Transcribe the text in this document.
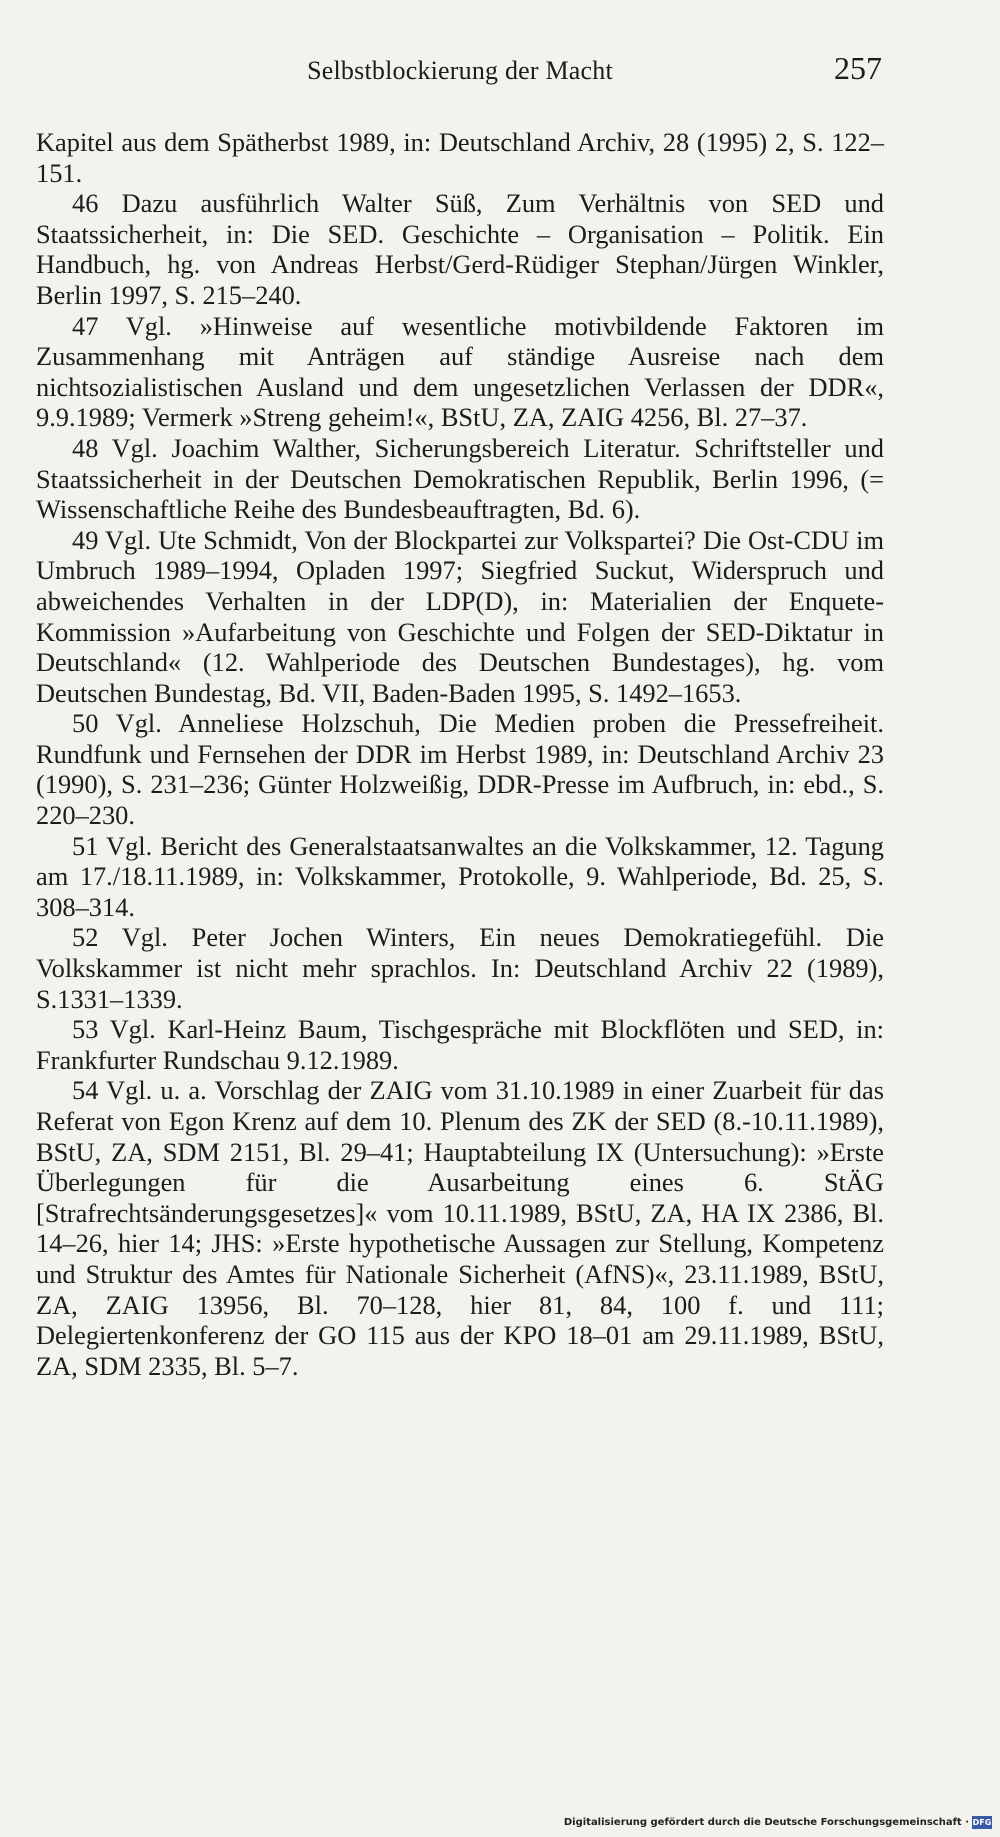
Selbstblockierung der Macht	257

Kapitel aus dem Spätherbst 1989, in: Deutschland Archiv, 28 (1995) 2, S. 122–151.

46 Dazu ausführlich Walter Süß, Zum Verhältnis von SED und Staatssicherheit, in: Die SED. Geschichte – Organisation – Politik. Ein Handbuch, hg. von Andreas Herbst/Gerd-Rüdiger Stephan/Jürgen Winkler, Berlin 1997, S. 215–240.

47 Vgl. »Hinweise auf wesentliche motivbildende Faktoren im Zusammenhang mit Anträgen auf ständige Ausreise nach dem nichtsozialistischen Ausland und dem ungesetzlichen Verlassen der DDR«, 9.9.1989; Vermerk »Streng geheim!«, BStU, ZA, ZAIG 4256, Bl. 27–37.

48 Vgl. Joachim Walther, Sicherungsbereich Literatur. Schriftsteller und Staatssicherheit in der Deutschen Demokratischen Republik, Berlin 1996, (= Wissenschaftliche Reihe des Bundesbeauftragten, Bd. 6).

49 Vgl. Ute Schmidt, Von der Blockpartei zur Volkspartei? Die Ost-CDU im Umbruch 1989–1994, Opladen 1997; Siegfried Suckut, Widerspruch und abweichendes Verhalten in der LDP(D), in: Materialien der Enquete-Kommission »Aufarbeitung von Geschichte und Folgen der SED-Diktatur in Deutschland« (12. Wahlperiode des Deutschen Bundestages), hg. vom Deutschen Bundestag, Bd. VII, Baden-Baden 1995, S. 1492–1653.

50 Vgl. Anneliese Holzschuh, Die Medien proben die Pressefreiheit. Rundfunk und Fernsehen der DDR im Herbst 1989, in: Deutschland Archiv 23 (1990), S. 231–236; Günter Holzweißig, DDR-Presse im Aufbruch, in: ebd., S. 220–230.

51 Vgl. Bericht des Generalstaatsanwaltes an die Volkskammer, 12. Tagung am 17./18.11.1989, in: Volkskammer, Protokolle, 9. Wahlperiode, Bd. 25, S. 308–314.

52 Vgl. Peter Jochen Winters, Ein neues Demokratiegefühl. Die Volkskammer ist nicht mehr sprachlos. In: Deutschland Archiv 22 (1989), S.1331–1339.

53 Vgl. Karl-Heinz Baum, Tischgespräche mit Blockflöten und SED, in: Frankfurter Rundschau 9.12.1989.

54 Vgl. u. a. Vorschlag der ZAIG vom 31.10.1989 in einer Zuarbeit für das Referat von Egon Krenz auf dem 10. Plenum des ZK der SED (8.-10.11.1989), BStU, ZA, SDM 2151, Bl. 29–41; Hauptabteilung IX (Untersuchung): »Erste Überlegungen für die Ausarbeitung eines 6. StÄG [Strafrechtsänderungsgesetzes]« vom 10.11.1989, BStU, ZA, HA IX 2386, Bl. 14–26, hier 14; JHS: »Erste hypothetische Aussagen zur Stellung, Kompetenz und Struktur des Amtes für Nationale Sicherheit (AfNS)«, 23.11.1989, BStU, ZA, ZAIG 13956, Bl. 70–128, hier 81, 84, 100 f. und 111; Delegiertenkonferenz der GO 115 aus der KPO 18–01 am 29.11.1989, BStU, ZA, SDM 2335, Bl. 5–7.

Digitalisierung gefördert durch die Deutsche Forschungsgemeinschaft · DFG
